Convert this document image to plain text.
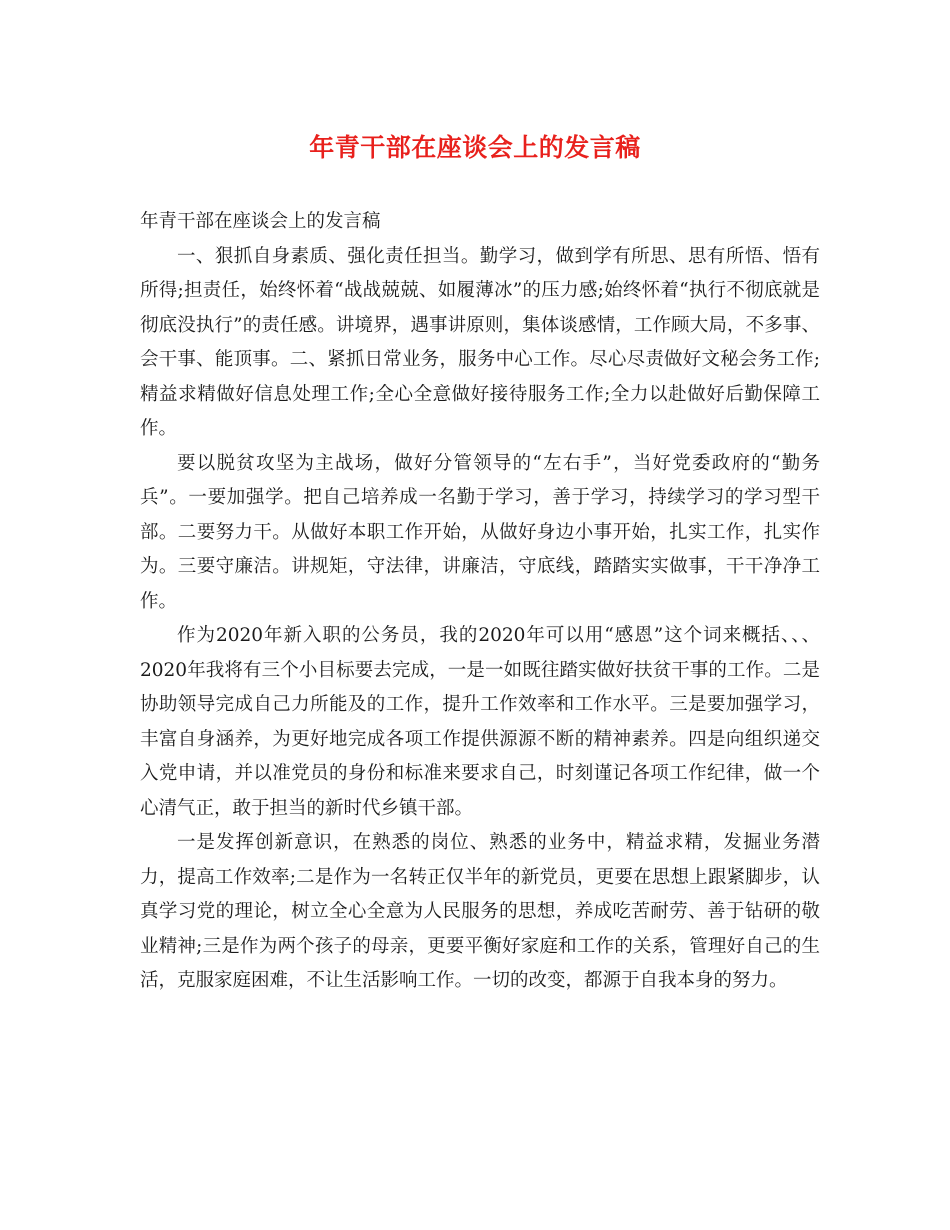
年青干部在座谈会上的发言稿

年青干部在座谈会上的发言稿

一、狠抓自身素质、强化责任担当。勤学习，做到学有所思、思有所悟、悟有所得;担责任，始终怀着“战战兢兢、如履薄冰”的压力感;始终怀着“执行不彻底就是彻底没执行”的责任感。讲境界，遇事讲原则，集体谈感情，工作顾大局，不多事、会干事、能顶事。二、紧抓日常业务，服务中心工作。尽心尽责做好文秘会务工作;精益求精做好信息处理工作;全心全意做好接待服务工作;全力以赴做好后勤保障工作。

要以脱贫攻坚为主战场，做好分管领导的“左右手”，当好党委政府的“勤务兵”。一要加强学。把自己培养成一名勤于学习，善于学习，持续学习的学习型干部。二要努力干。从做好本职工作开始，从做好身边小事开始，扎实工作，扎实作为。三要守廉洁。讲规矩，守法律，讲廉洁，守底线，踏踏实实做事，干干净净工作。

作为2020年新入职的公务员，我的2020年可以用“感恩”这个词来概括、、、2020年我将有三个小目标要去完成，一是一如既往踏实做好扶贫干事的工作。二是协助领导完成自己力所能及的工作，提升工作效率和工作水平。三是要加强学习，丰富自身涵养，为更好地完成各项工作提供源源不断的精神素养。四是向组织递交入党申请，并以准党员的身份和标准来要求自己，时刻谨记各项工作纪律，做一个心清气正，敢于担当的新时代乡镇干部。

一是发挥创新意识，在熟悉的岗位、熟悉的业务中，精益求精，发掘业务潜力，提高工作效率;二是作为一名转正仅半年的新党员，更要在思想上跟紧脚步，认真学习党的理论，树立全心全意为人民服务的思想，养成吃苦耐劳、善于钻研的敬业精神;三是作为两个孩子的母亲，更要平衡好家庭和工作的关系，管理好自己的生活，克服家庭困难，不让生活影响工作。一切的改变，都源于自我本身的努力。
